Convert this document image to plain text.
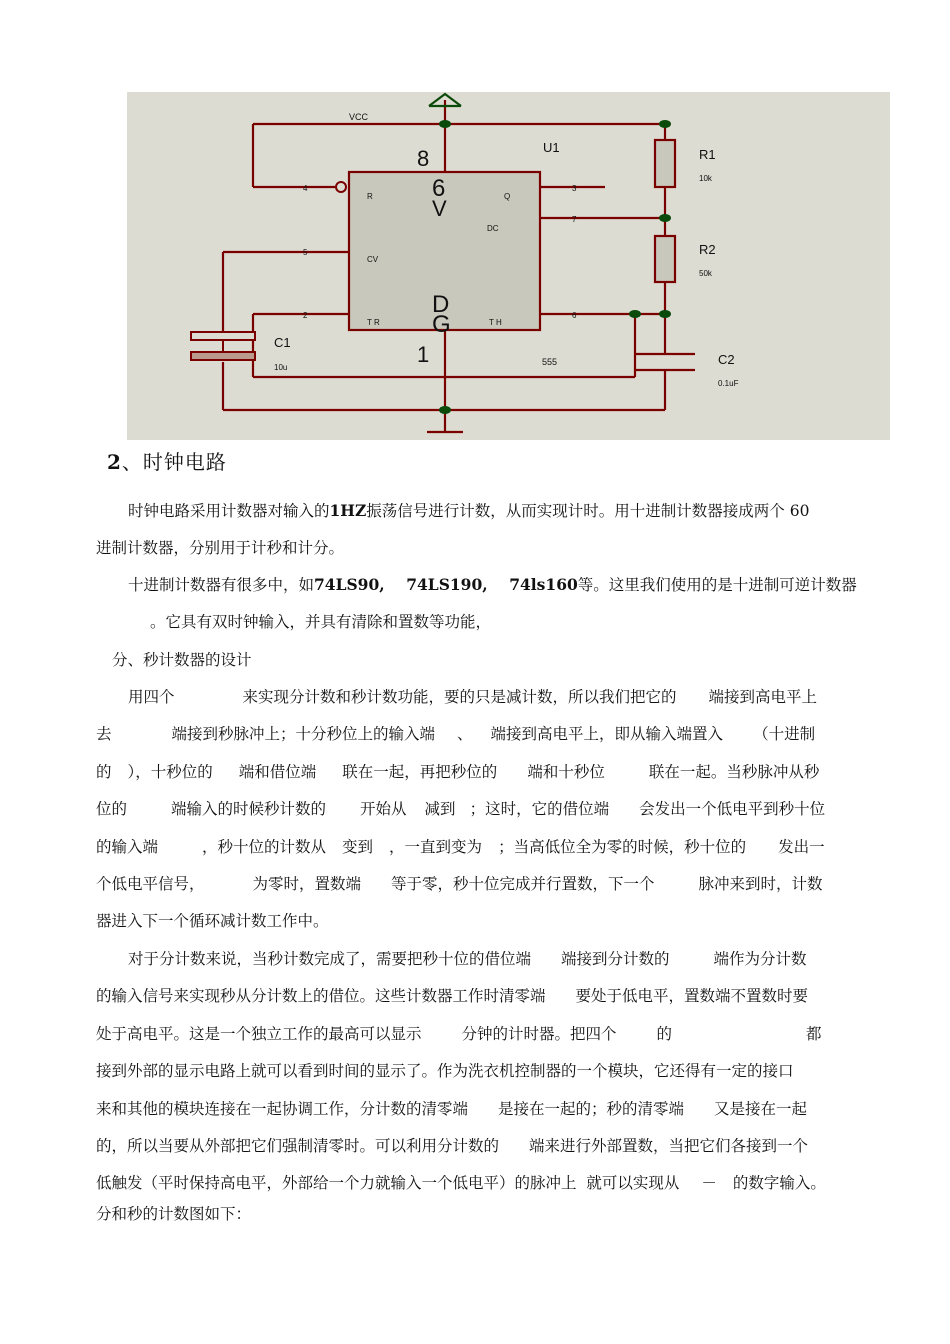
VCC
U1
8
6
V
D
G
1	555
4
5
2
3
7
6
R	Q
DC
CV
T R	T H
R1
10k
R2
50k
C1
10u
C2
0.1uF
2、时钟电路
时钟电路采用计数器对输入的1HZ振荡信号进行计数，从而实现计时。用十进制计数器接成两个 60
进制计数器，分别用于计秒和计分。
十进制计数器有很多中，如74LS90,    74LS190,    74ls160等。这里我们使用的是十进制可逆计数器
。它具有双时钟输入，并具有清除和置数等功能，
分、秒计数器的设计
用四个	来实现分计数和秒计数功能，要的只是减计数，所以我们把它的 端接到高电平上
去	端接到秒脉冲上；十分秒位上的输入端 、 端接到高电平上，即从输入端置入 （十进制
的 ），十秒位的 端和借位端 联在一起，再把秒位的 端和十秒位	联在一起。当秒脉冲从秒
位的	端输入的时候秒计数的 开始从 减到 ；这时，它的借位端 会发出一个低电平到秒十位
的输入端	，秒十位的计数从 变到 ，一直到变为 ；当高低位全为零的时候，秒十位的 发出一
个低电平信号，	为零时，置数端 等于零，秒十位完成并行置数，下一个	脉冲来到时，计数
器进入下一个循环减计数工作中。
对于分计数来说，当秒计数完成了，需要把秒十位的借位端 端接到分计数的	端作为分计数
的输入信号来实现秒从分计数上的借位。这些计数器工作时清零端 要处于低电平，置数端不置数时要
处于高电平。这是一个独立工作的最高可以显示	分钟的计时器。把四个	的	都
接到外部的显示电路上就可以看到时间的显示了。作为洗衣机控制器的一个模块，它还得有一定的接口
来和其他的模块连接在一起协调工作，分计数的清零端 是接在一起的；秒的清零端 又是接在一起
的，所以当要从外部把它们强制清零时。可以利用分计数的 端来进行外部置数，当把它们各接到一个
低触发（平时保持高电平，外部给一个力就输入一个低电平）的脉冲上  就可以实现从 － 的数字输入。
分和秒的计数图如下：
